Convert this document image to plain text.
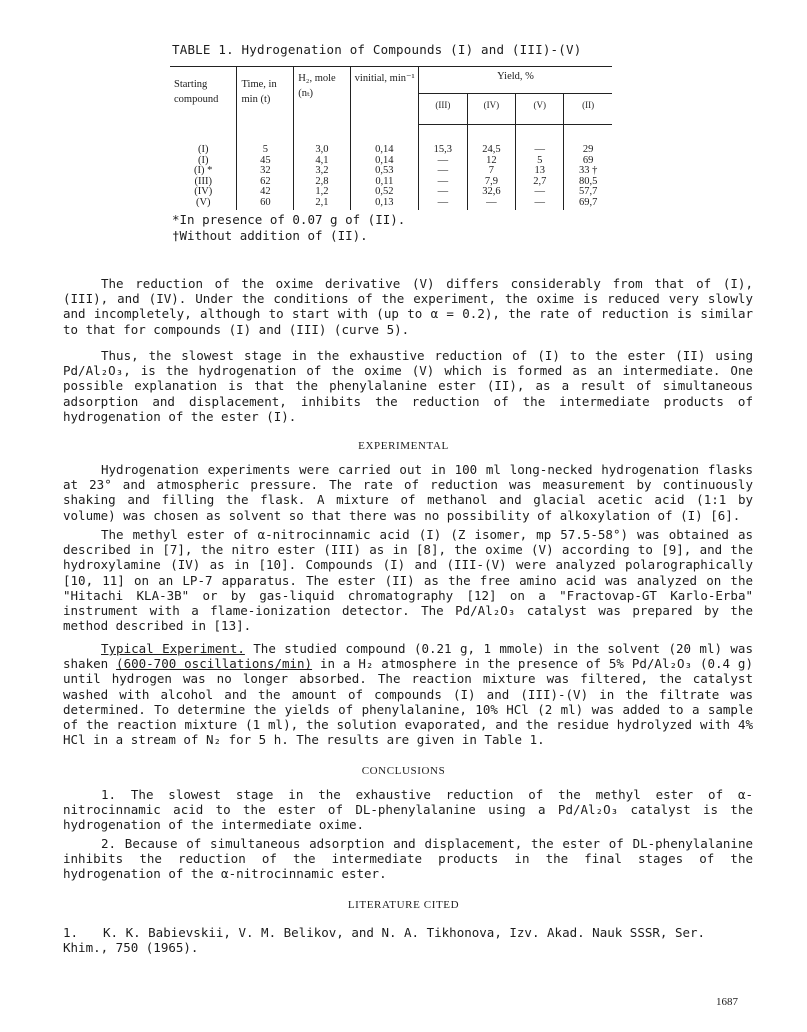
TABLE 1. Hydrogenation of Compounds (I) and (III)-(V)
Starting compound	Time, in min (t)	H₂, mole (nₜ)	vinitial, min⁻¹	Yield, %			
				(III)	(IV)	(V)	(II)
(I)	5	3,0	0,14	15,3	24,5	—	29
(I)	45	4,1	0,14	—	12	5	69
(I) *	32	3,2	0,53	—	7	13	33 †
(III)	62	2,8	0,11	—	7,9	2,7	80,5
(IV)	42	1,2	0,52	—	32,6	—	57,7
(V)	60	2,1	0,13	—	—	—	69,7
*In presence of 0.07 g of (II).
†Without addition of (II).

The reduction of the oxime derivative (V) differs considerably from that of (I), (III), and (IV). Under the conditions of the experiment, the oxime is reduced very slowly and incompletely, although to start with (up to α = 0.2), the rate of reduction is similar to that for compounds (I) and (III) (curve 5).

Thus, the slowest stage in the exhaustive reduction of (I) to the ester (II) using Pd/Al₂O₃, is the hydrogenation of the oxime (V) which is formed as an intermediate. One possible explanation is that the phenylalanine ester (II), as a result of simultaneous adsorption and displacement, inhibits the reduction of the intermediate products of hydrogenation of the ester (I).

EXPERIMENTAL

Hydrogenation experiments were carried out in 100 ml long-necked hydrogenation flasks at 23° and atmospheric pressure. The rate of reduction was measurement by continuously shaking and filling the flask. A mixture of methanol and glacial acetic acid (1:1 by volume) was chosen as solvent so that there was no possibility of alkoxylation of (I) [6].

The methyl ester of α-nitrocinnamic acid (I) (Z isomer, mp 57.5-58°) was obtained as described in [7], the nitro ester (III) as in [8], the oxime (V) according to [9], and the hydroxylamine (IV) as in [10]. Compounds (I) and (III-(V) were analyzed polarographically [10, 11] on an LP-7 apparatus. The ester (II) as the free amino acid was analyzed on the "Hitachi KLA-3B" or by gas-liquid chromatography [12] on a "Fractovap-GT Karlo-Erba" instrument with a flame-ionization detector. The Pd/Al₂O₃ catalyst was prepared by the method described in [13].

Typical Experiment. The studied compound (0.21 g, 1 mmole) in the solvent (20 ml) was shaken (600-700 oscillations/min) in a H₂ atmosphere in the presence of 5% Pd/Al₂O₃ (0.4 g) until hydrogen was no longer absorbed. The reaction mixture was filtered, the catalyst washed with alcohol and the amount of compounds (I) and (III)-(V) in the filtrate was determined. To determine the yields of phenylalanine, 10% HCl (2 ml) was added to a sample of the reaction mixture (1 ml), the solution evaporated, and the residue hydrolyzed with 4% HCl in a stream of N₂ for 5 h. The results are given in Table 1.

CONCLUSIONS

1. The slowest stage in the exhaustive reduction of the methyl ester of α-nitrocinnamic acid to the ester of DL-phenylalanine using a Pd/Al₂O₃ catalyst is the hydrogenation of the intermediate oxime.

2. Because of simultaneous adsorption and displacement, the ester of DL-phenylalanine inhibits the reduction of the intermediate products in the final stages of the hydrogenation of the α-nitrocinnamic ester.

LITERATURE CITED
1. K. K. Babievskii, V. M. Belikov, and N. A. Tikhonova, Izv. Akad. Nauk SSSR, Ser. Khim., 750 (1965).
1687
